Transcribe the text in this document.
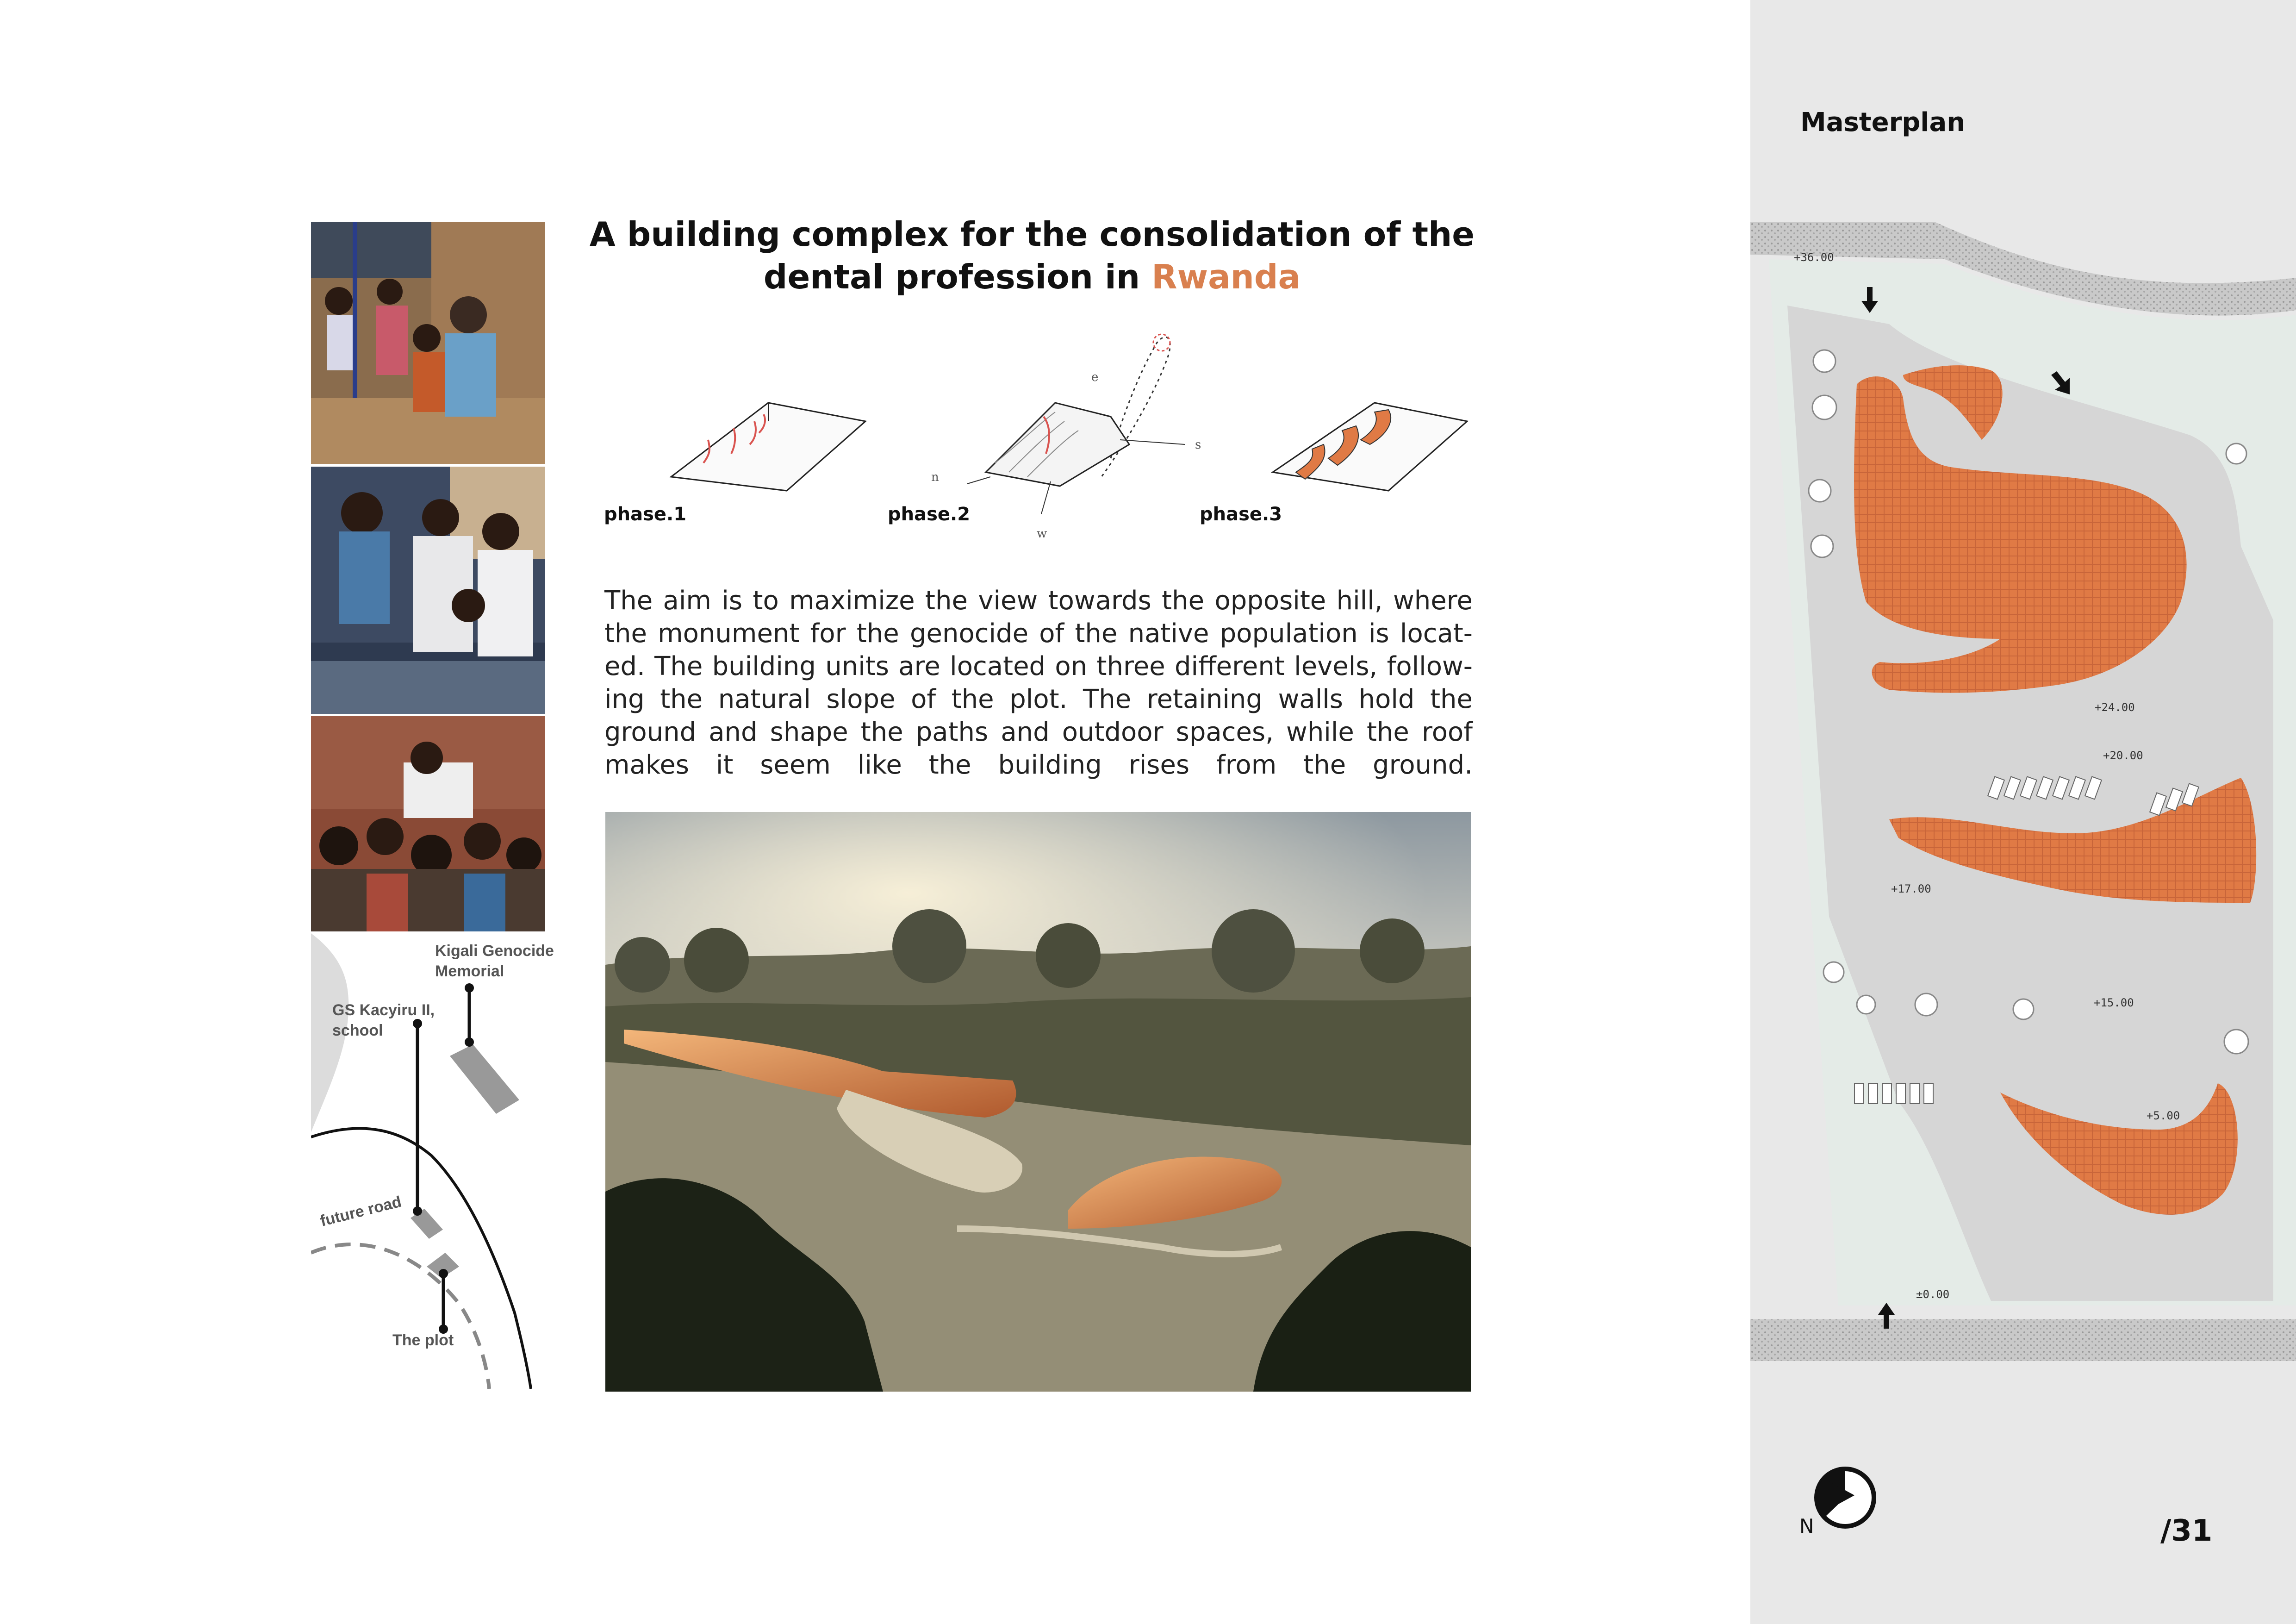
Kigali Genocide
Memorial
GS Kacyiru II,
school
future road
The plot
A building complex for the consolidation of the
dental profession in Rwanda
phase.1
e
s
n
w
phase.2	phase.3
The aim is to maximize the view towards the opposite hill, where the monument for the genocide of the native population is locat-ed. The building units are located on three different levels, follow-ing the natural slope of the plot. The retaining walls hold the ground and shape the paths and outdoor spaces, while the roof makes it seem like the building rises from the ground.
Masterplan
+36.00
+24.00
+20.00
+17.00
+15.00
+5.00
±0.00
N	/31
